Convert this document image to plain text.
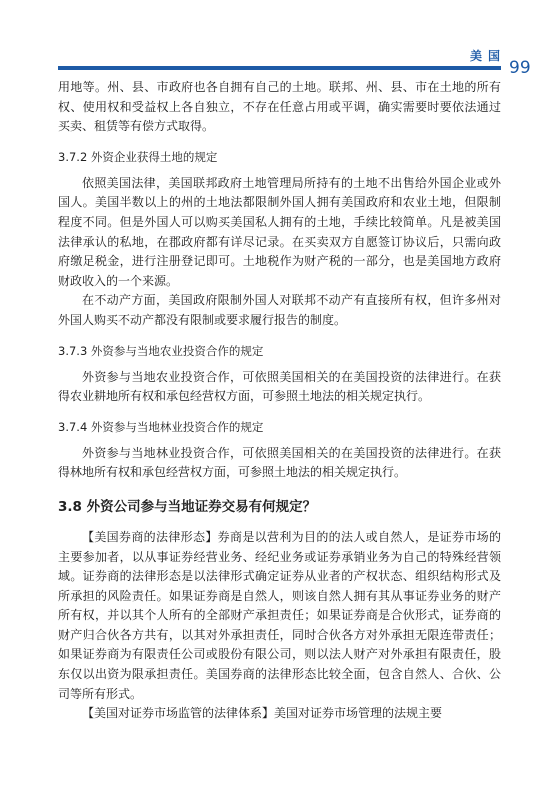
美国
99

用地等。州、县、市政府也各自拥有自己的土地。联邦、州、县、市在土地的所有权、使用权和受益权上各自独立，不存在任意占用或平调，确实需要时要依法通过买卖、租赁等有偿方式取得。

3.7.2 外资企业获得土地的规定

依照美国法律，美国联邦政府土地管理局所持有的土地不出售给外国企业或外国人。美国半数以上的州的土地法都限制外国人拥有美国政府和农业土地，但限制程度不同。但是外国人可以购买美国私人拥有的土地，手续比较简单。凡是被美国法律承认的私地，在郡政府都有详尽记录。在买卖双方自愿签订协议后，只需向政府缴足税金，进行注册登记即可。土地税作为财产税的一部分，也是美国地方政府财政收入的一个来源。

在不动产方面，美国政府限制外国人对联邦不动产有直接所有权，但许多州对外国人购买不动产都没有限制或要求履行报告的制度。

3.7.3 外资参与当地农业投资合作的规定

外资参与当地农业投资合作，可依照美国相关的在美国投资的法律进行。在获得农业耕地所有权和承包经营权方面，可参照土地法的相关规定执行。

3.7.4 外资参与当地林业投资合作的规定

外资参与当地林业投资合作，可依照美国相关的在美国投资的法律进行。在获得林地所有权和承包经营权方面，可参照土地法的相关规定执行。

3.8 外资公司参与当地证券交易有何规定？

【美国券商的法律形态】券商是以营利为目的的法人或自然人，是证券市场的主要参加者，以从事证券经营业务、经纪业务或证券承销业务为自己的特殊经营领域。证券商的法律形态是以法律形式确定证券从业者的产权状态、组织结构形式及所承担的风险责任。如果证券商是自然人，则该自然人拥有其从事证券业务的财产所有权，并以其个人所有的全部财产承担责任；如果证券商是合伙形式，证券商的财产归合伙各方共有，以其对外承担责任，同时合伙各方对外承担无限连带责任；如果证券商为有限责任公司或股份有限公司，则以法人财产对外承担有限责任，股东仅以出资为限承担责任。美国券商的法律形态比较全面，包含自然人、合伙、公司等所有形式。

【美国对证券市场监管的法律体系】美国对证券市场管理的法规主要
